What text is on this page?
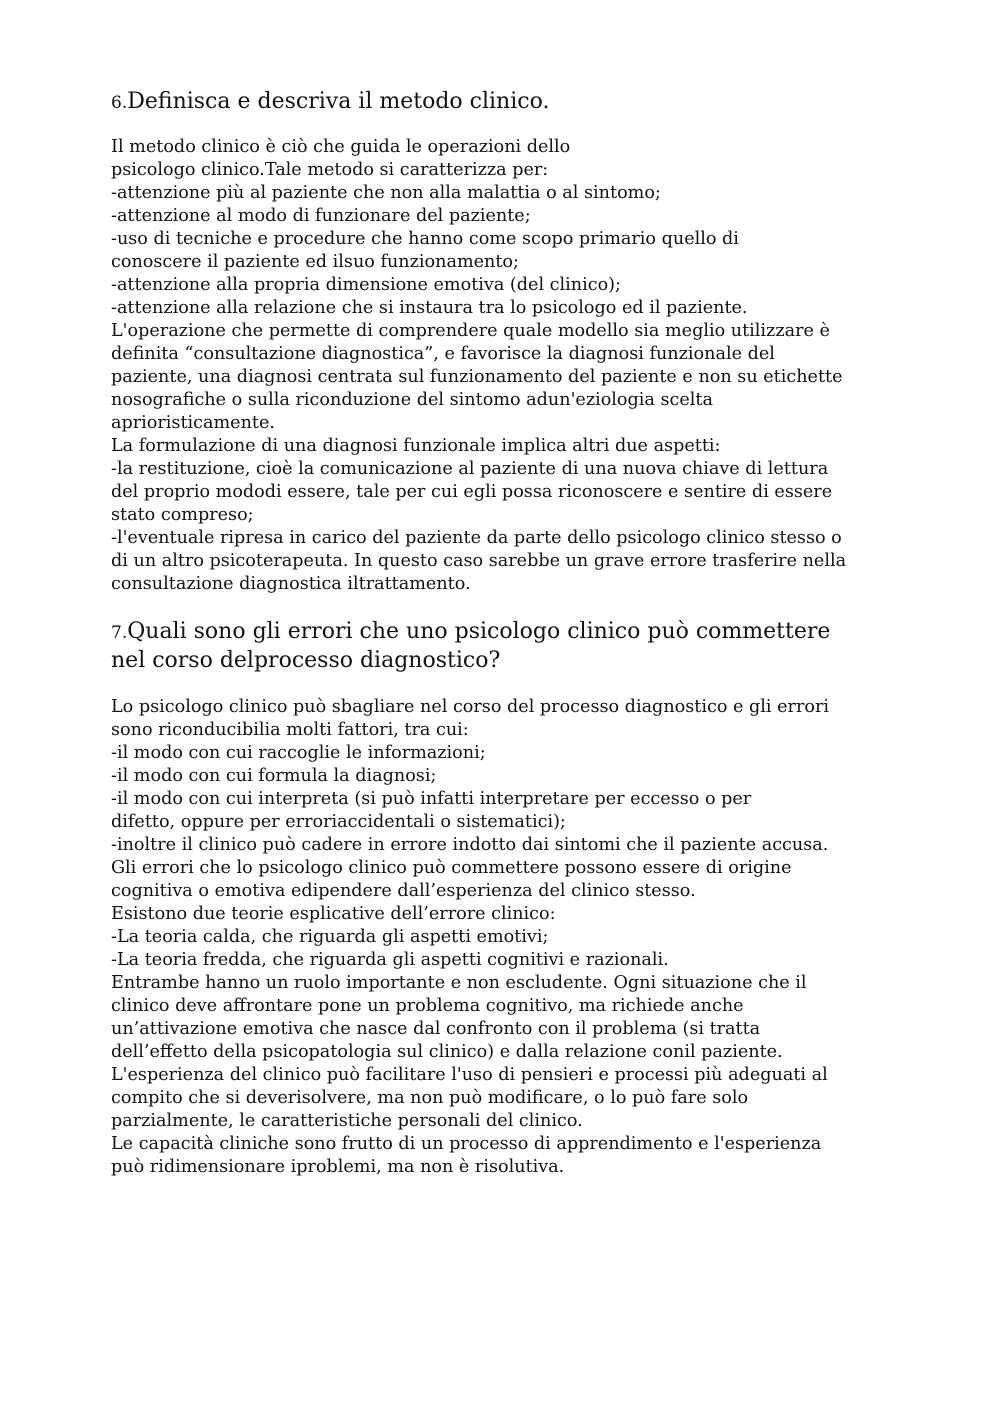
6.Definisca e descriva il metodo clinico.
Il metodo clinico è ciò che guida le operazioni dello
psicologo clinico.Tale metodo si caratterizza per:
-attenzione più al paziente che non alla malattia o al sintomo;
-attenzione al modo di funzionare del paziente;
-uso di tecniche e procedure che hanno come scopo primario quello di
conoscere il paziente ed ilsuo funzionamento;
-attenzione alla propria dimensione emotiva (del clinico);
-attenzione alla relazione che si instaura tra lo psicologo ed il paziente.
L'operazione che permette di comprendere quale modello sia meglio utilizzare è
definita “consultazione diagnostica”, e favorisce la diagnosi funzionale del
paziente, una diagnosi centrata sul funzionamento del paziente e non su etichette
nosografiche o sulla riconduzione del sintomo adun'eziologia scelta
aprioristicamente.
La formulazione di una diagnosi funzionale implica altri due aspetti:
-la restituzione, cioè la comunicazione al paziente di una nuova chiave di lettura
del proprio mododi essere, tale per cui egli possa riconoscere e sentire di essere
stato compreso;
-l'eventuale ripresa in carico del paziente da parte dello psicologo clinico stesso o
di un altro psicoterapeuta. In questo caso sarebbe un grave errore trasferire nella
consultazione diagnostica iltrattamento.
7.Quali sono gli errori che uno psicologo clinico può commettere
nel corso delprocesso diagnostico?
Lo psicologo clinico può sbagliare nel corso del processo diagnostico e gli errori
sono riconducibilia molti fattori, tra cui:
-il modo con cui raccoglie le informazioni;
-il modo con cui formula la diagnosi;
-il modo con cui interpreta (si può infatti interpretare per eccesso o per
difetto, oppure per erroriaccidentali o sistematici);
-inoltre il clinico può cadere in errore indotto dai sintomi che il paziente accusa.
Gli errori che lo psicologo clinico può commettere possono essere di origine
cognitiva o emotiva edipendere dall’esperienza del clinico stesso.
Esistono due teorie esplicative dell’errore clinico:
-La teoria calda, che riguarda gli aspetti emotivi;
-La teoria fredda, che riguarda gli aspetti cognitivi e razionali.
Entrambe hanno un ruolo importante e non escludente. Ogni situazione che il
clinico deve affrontare pone un problema cognitivo, ma richiede anche
un’attivazione emotiva che nasce dal confronto con il problema (si tratta
dell’effetto della psicopatologia sul clinico) e dalla relazione conil paziente.
L'esperienza del clinico può facilitare l'uso di pensieri e processi più adeguati al
compito che si deverisolvere, ma non può modificare, o lo può fare solo
parzialmente, le caratteristiche personali del clinico.
Le capacità cliniche sono frutto di un processo di apprendimento e l'esperienza
può ridimensionare iproblemi, ma non è risolutiva.
